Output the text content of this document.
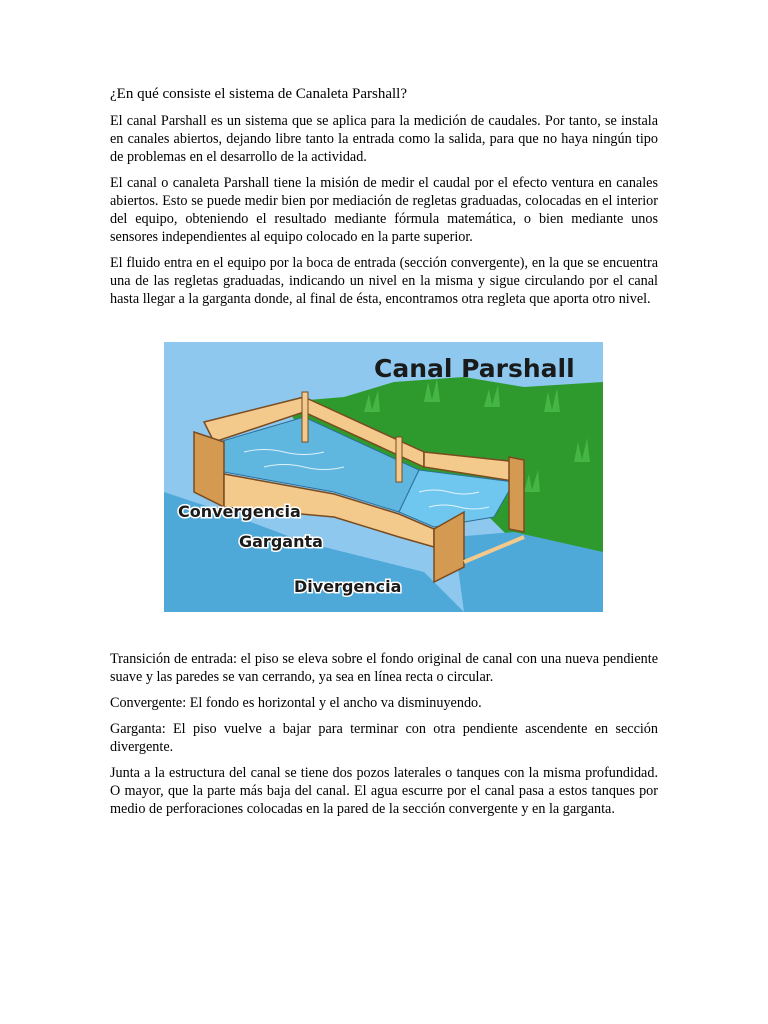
¿En qué consiste el sistema de Canaleta Parshall?

El canal Parshall es un sistema que se aplica para la medición de caudales. Por tanto, se instala en canales abiertos, dejando libre tanto la entrada como la salida, para que no haya ningún tipo de problemas en el desarrollo de la actividad.

El canal o canaleta Parshall tiene la misión de medir el caudal por el efecto ventura en canales abiertos. Esto se puede medir bien por mediación de regletas graduadas, colocadas en el interior del equipo, obteniendo el resultado mediante fórmula matemática, o bien mediante unos sensores independientes al equipo colocado en la parte superior.

El fluido entra en el equipo por la boca de entrada (sección convergente), en la que se encuentra una de las regletas graduadas, indicando un nivel en la misma y sigue circulando por el canal hasta llegar a la garganta donde, al final de ésta, encontramos otra regleta que aporta otro nivel.

Canal Parshall
Convergencia
Garganta
Divergencia

Transición de entrada: el piso se eleva sobre el fondo original de canal con una nueva pendiente suave y las paredes se van cerrando, ya sea en línea recta o circular.

Convergente: El fondo es horizontal y el ancho va disminuyendo.

Garganta: El piso vuelve a bajar para terminar con otra pendiente ascendente en sección divergente.

Junta a la estructura del canal se tiene dos pozos laterales o tanques con la misma profundidad. O mayor, que la parte más baja del canal. El agua escurre por el canal pasa a estos tanques por medio de perforaciones colocadas en la pared de la sección convergente y en la garganta.
